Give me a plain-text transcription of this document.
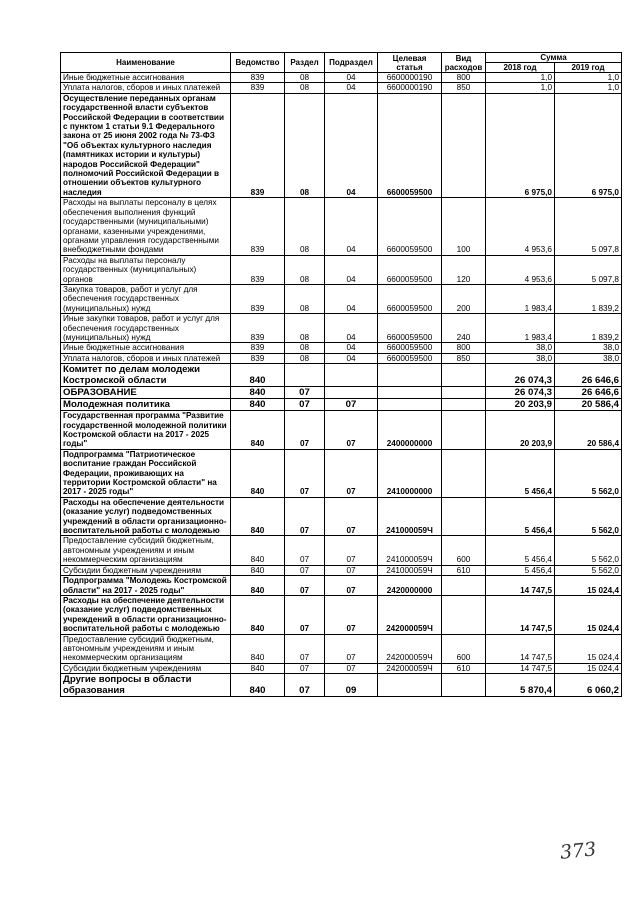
Наименование	Ведомство	Раздел	Подраздел	Целевая статья	Вид расходов	Сумма	
						2018 год	2019 год
Иные бюджетные ассигнования	839	08	04	6600000190	800	1,0	1,0
Уплата налогов, сборов и иных платежей	839	08	04	6600000190	850	1,0	1,0
Осуществление переданных органам государственной власти субъектов Российской Федерации в соответствии с пунктом 1 статьи 9.1 Федерального закона от 25 июня 2002 года № 73-ФЗ "Об объектах культурного наследия (памятниках истории и культуры) народов Российской Федерации" полномочий Российской Федерации в отношении объектов культурного наследия	839	08	04	6600059500		6 975,0	6 975,0
Расходы на выплаты персоналу в целях обеспечения выполнения функций государственными (муниципальными) органами, казенными учреждениями, органами управления государственными внебюджетными фондами	839	08	04	6600059500	100	4 953,6	5 097,8
Расходы на выплаты персоналу государственных (муниципальных) органов	839	08	04	6600059500	120	4 953,6	5 097,8
Закупка товаров, работ и услуг для обеспечения государственных (муниципальных) нужд	839	08	04	6600059500	200	1 983,4	1 839,2
Иные закупки товаров, работ и услуг для обеспечения государственных (муниципальных) нужд	839	08	04	6600059500	240	1 983,4	1 839,2
Иные бюджетные ассигнования	839	08	04	6600059500	800	38,0	38,0
Уплата налогов, сборов и иных платежей	839	08	04	6600059500	850	38,0	38,0
Комитет по делам молодежи Костромской области	840					26 074,3	26 646,6
ОБРАЗОВАНИЕ	840	07				26 074,3	26 646,6
Молодежная политика	840	07	07			20 203,9	20 586,4
Государственная программа "Развитие государственной молодежной политики Костромской области на 2017 - 2025 годы"	840	07	07	2400000000		20 203,9	20 586,4
Подпрограмма "Патриотическое воспитание граждан Российской Федерации, проживающих на территории Костромской области" на 2017 - 2025 годы"	840	07	07	2410000000		5 456,4	5 562,0
Расходы на обеспечение деятельности (оказание услуг) подведомственных учреждений в области организационно-воспитательной работы с молодежью	840	07	07	241000059Ч		5 456,4	5 562,0
Предоставление субсидий бюджетным, автономным учреждениям и иным некоммерческим организациям	840	07	07	241000059Ч	600	5 456,4	5 562,0
Субсидии бюджетным учреждениям	840	07	07	241000059Ч	610	5 456,4	5 562,0
Подпрограмма "Молодежь Костромской области" на 2017 - 2025 годы"	840	07	07	2420000000		14 747,5	15 024,4
Расходы на обеспечение деятельности (оказание услуг) подведомственных учреждений в области организационно-воспитательной работы с молодежью	840	07	07	242000059Ч		14 747,5	15 024,4
Предоставление субсидий бюджетным, автономным учреждениям и иным некоммерческим организациям	840	07	07	242000059Ч	600	14 747,5	15 024,4
Субсидии бюджетным учреждениям	840	07	07	242000059Ч	610	14 747,5	15 024,4
Другие вопросы в области образования	840	07	09			5 870,4	6 060,2
373
